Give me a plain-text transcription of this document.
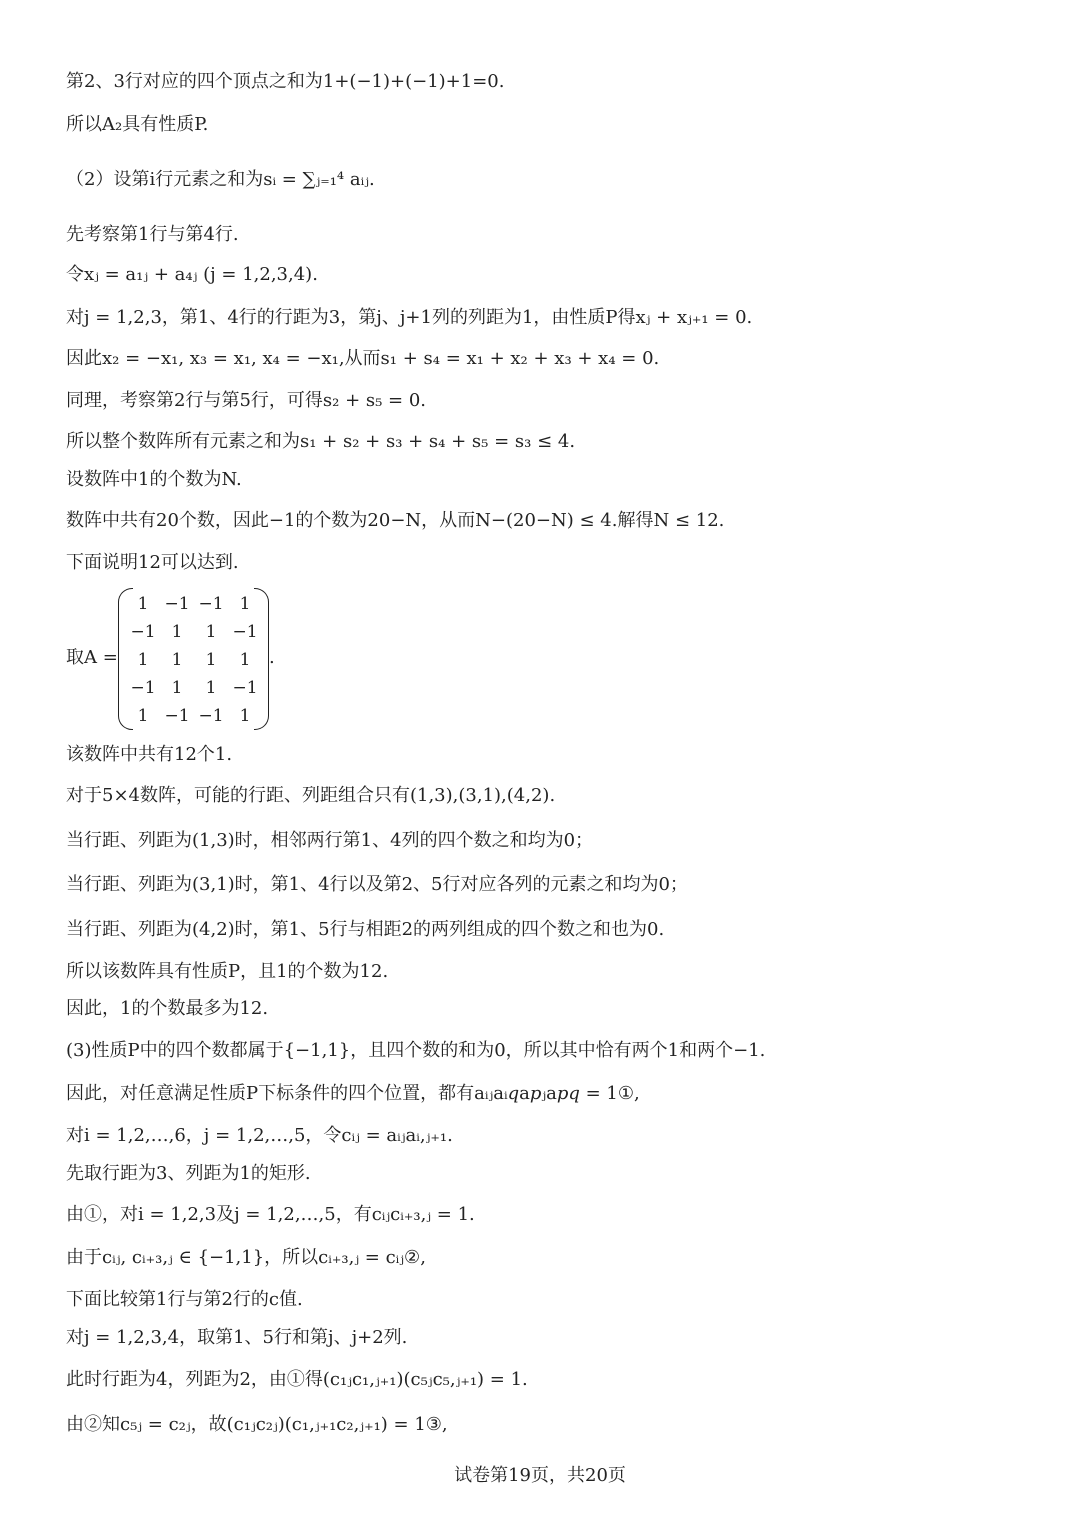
第2、3行对应的四个顶点之和为1+(−1)+(−1)+1=0.
所以A₂具有性质P.
（2）设第i行元素之和为sᵢ = ∑ⱼ₌₁⁴ aᵢⱼ.
先考察第1行与第4行.
令xⱼ = a₁ⱼ + a₄ⱼ (j = 1,2,3,4).
对j = 1,2,3，第1、4行的行距为3，第j、j+1列的列距为1，由性质P得xⱼ + xⱼ₊₁ = 0.
因此x₂ = −x₁, x₃ = x₁, x₄ = −x₁,从而s₁ + s₄ = x₁ + x₂ + x₃ + x₄ = 0.
同理，考察第2行与第5行，可得s₂ + s₅ = 0.
所以整个数阵所有元素之和为s₁ + s₂ + s₃ + s₄ + s₅ = s₃ ≤ 4.
设数阵中1的个数为N.
数阵中共有20个数，因此−1的个数为20−N，从而N−(20−N) ≤ 4.解得N ≤ 12.
下面说明12可以达到.
取A =
1 −1 −1 1
−1 1	1 −1
1	1	1	1
−1 1	1 −1
1 −1 −1 1
.
该数阵中共有12个1.
对于5×4数阵，可能的行距、列距组合只有(1,3),(3,1),(4,2).
当行距、列距为(1,3)时，相邻两行第1、4列的四个数之和均为0；
当行距、列距为(3,1)时，第1、4行以及第2、5行对应各列的元素之和均为0；
当行距、列距为(4,2)时，第1、5行与相距2的两列组成的四个数之和也为0.
所以该数阵具有性质P，且1的个数为12.
因此，1的个数最多为12.
(3)性质P中的四个数都属于{−1,1}，且四个数的和为0，所以其中恰有两个1和两个−1.
因此，对任意满足性质P下标条件的四个位置，都有aᵢⱼaᵢ𝑞a𝑝ⱼa𝑝𝑞 = 1①,
对i = 1,2,…,6，j = 1,2,…,5，令cᵢⱼ = aᵢⱼaᵢ,ⱼ₊₁.
先取行距为3、列距为1的矩形.
由①，对i = 1,2,3及j = 1,2,…,5，有cᵢⱼcᵢ₊₃,ⱼ = 1.
由于cᵢⱼ, cᵢ₊₃,ⱼ ∈ {−1,1}，所以cᵢ₊₃,ⱼ = cᵢⱼ②,
下面比较第1行与第2行的c值.
对j = 1,2,3,4，取第1、5行和第j、j+2列.
此时行距为4，列距为2，由①得(c₁ⱼc₁,ⱼ₊₁)(c₅ⱼc₅,ⱼ₊₁) = 1.
由②知c₅ⱼ = c₂ⱼ，故(c₁ⱼc₂ⱼ)(c₁,ⱼ₊₁c₂,ⱼ₊₁) = 1③,
试卷第19页，共20页
